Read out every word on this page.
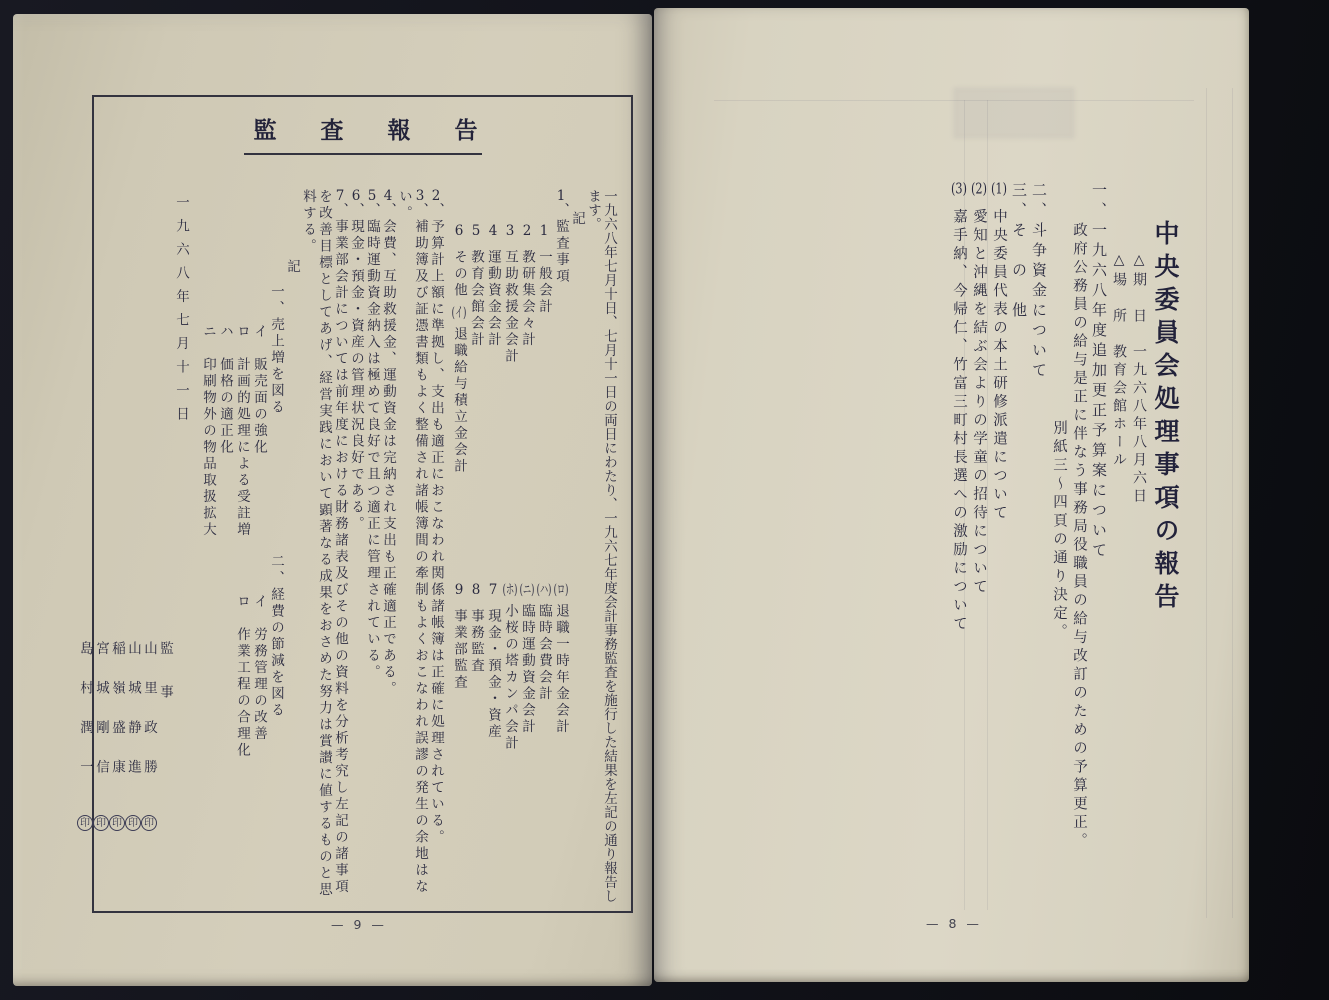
監査報告

一九六八年七月十日、七月十一日の両日にわたり、一九六七年度会計事務監査を施行した結果を左記の通り報告します。

記

1、監査事項

1一般会計

2教研集会々計

3互助救援金会計

4運動資金会計

5教育会館会計

6その他(イ)退職給与積立金会計

(ロ)退職一時年金会計

(ハ)臨時会費会計

(ニ)臨時運動資金会計

(ホ)小桜の塔カンパ会計

7現金・預金・資産

8事務監査

9事業部監査

2、予算計上額に準拠し、支出も適正におこなわれ関係諸帳簿は正確に処理されている。

3、補助簿及び証憑書類もよく整備され諸帳簿間の牽制もよくおこなわれ誤謬の発生の余地はない。

4、会費、互助救援金、運動資金は完納され支出も正確適正である。

5、臨時運動資金納入は極めて良好で且つ適正に管理されている。

6、現金・預金・資産の管理状況良好である。

7、事業部会計については前年度における財務諸表及びその他の資料を分析考究し左記の諸事項を改善目標としてあげ、経営実践において顕著なる成果をおさめた努力は賞讃に値するものと思料する。

記

一、売上増を図る

イ　販売面の強化

ロ　計画的処理による受註増

ハ　価格の適正化

ニ　印刷物外の物品取扱拡大

二、経費の節減を図る

イ　労務管理の改善

ロ　作業工程の合理化

一九六八年七月十一日

監事

山里政勝印

山城静進印

稲嶺盛康印

宮城剛信印

島村潤一印

— 9 —
中央委員会処理事項の報告

△期　日　一九六八年八月六日

△場　所　教育会館ホール

一、一九六八年度追加更正予算案について

政府公務員の給与是正に伴なう事務局役職員の給与改訂のための予算更正。

別紙三～四頁の通り決定。

二、斗争資金について

三、そ　の　他

(1)中央委員代表の本土研修派遣について

(2)愛知と沖縄を結ぶ会よりの学童の招待について

(3)嘉手納、今帰仁、竹富三町村長選への激励について

— 8 —
